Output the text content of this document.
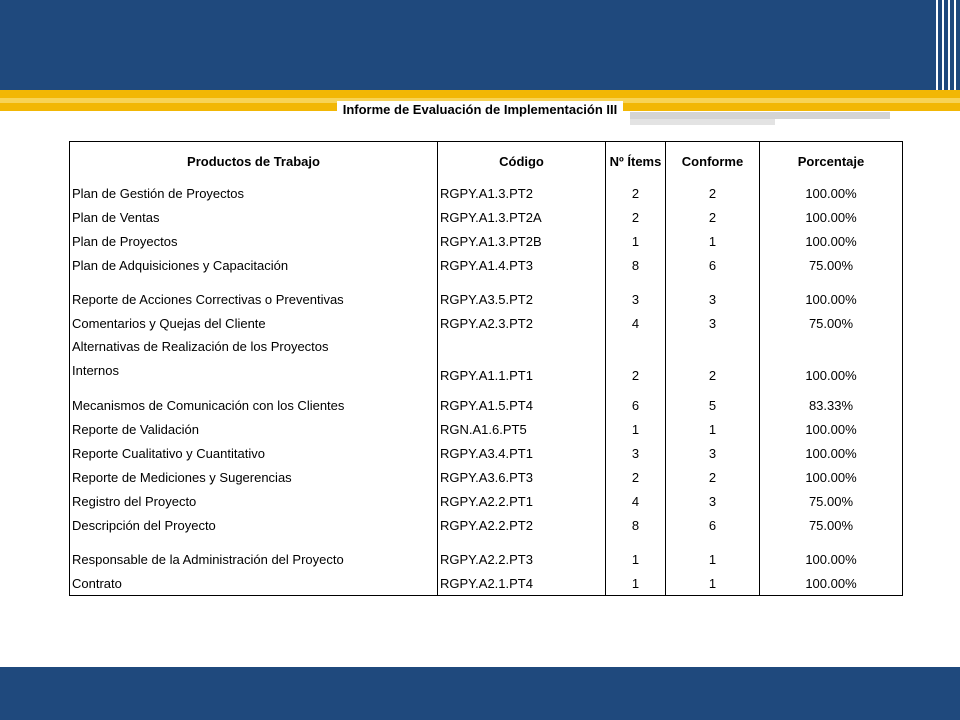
Informe de Evaluación de Implementación III
Productos de Trabajo	Código	Nº Ítems	Conforme	Porcentaje
Plan de Gestión de Proyectos	RGPY.A1.3.PT2	2	2	100.00%
Plan de Ventas	RGPY.A1.3.PT2A	2	2	100.00%
Plan de Proyectos	RGPY.A1.3.PT2B	1	1	100.00%
Plan de Adquisiciones y Capacitación	RGPY.A1.4.PT3	8	6	75.00%
Reporte de Acciones Correctivas o Preventivas	RGPY.A3.5.PT2	3	3	100.00%
Comentarios y Quejas del Cliente	RGPY.A2.3.PT2	4	3	75.00%

Alternativas de Realización de los Proyectos
Internos	RGPY.A1.1.PT1	2	2	100.00%
Mecanismos de Comunicación con los Clientes	RGPY.A1.5.PT4	6	5	83.33%
Reporte de Validación	RGN.A1.6.PT5	1	1	100.00%
Reporte Cualitativo y Cuantitativo	RGPY.A3.4.PT1	3	3	100.00%
Reporte de Mediciones y Sugerencias	RGPY.A3.6.PT3	2	2	100.00%
Registro del Proyecto	RGPY.A2.2.PT1	4	3	75.00%
Descripción del Proyecto	RGPY.A2.2.PT2	8	6	75.00%
Responsable de la Administración del Proyecto	RGPY.A2.2.PT3	1	1	100.00%
Contrato	RGPY.A2.1.PT4	1	1	100.00%
